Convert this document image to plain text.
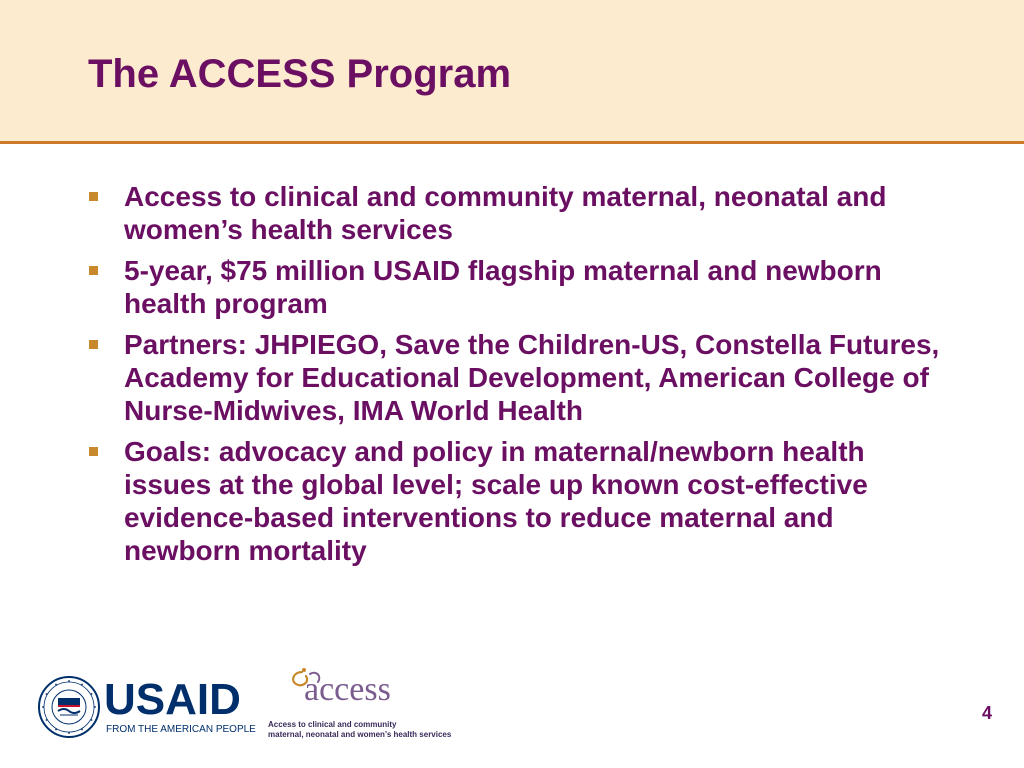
The ACCESS Program
Access to clinical and community maternal, neonatal and women’s health services
5-year, $75 million USAID flagship maternal and newborn health program
Partners: JHPIEGO, Save the Children-US, Constella Futures, Academy for Educational Development, American College of Nurse-Midwives, IMA World Health
Goals: advocacy and policy in maternal/newborn health issues at the global level; scale up known cost-effective evidence-based interventions to reduce maternal and newborn mortality
USAID
FROM THE AMERICAN PEOPLE
access
Access to clinical and community
maternal, neonatal and women’s health services
4
